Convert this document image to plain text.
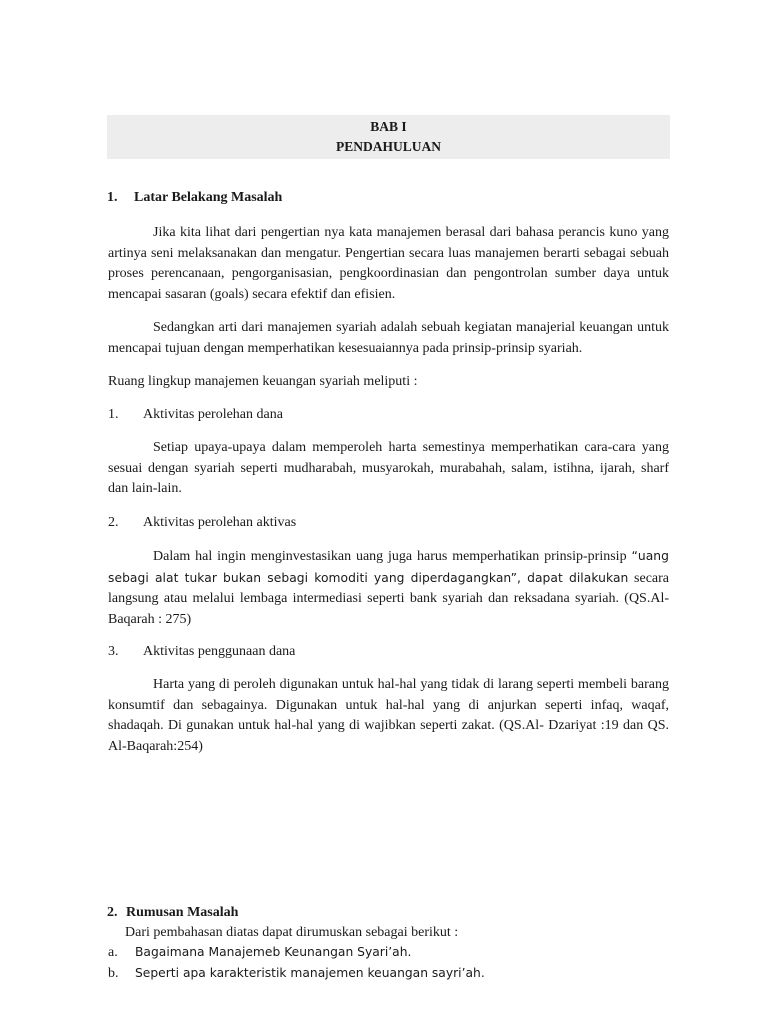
BAB I
PENDAHULUAN
1. Latar Belakang Masalah

Jika kita lihat dari pengertian nya kata manajemen berasal dari bahasa perancis kuno yang artinya seni melaksanakan dan mengatur. Pengertian secara luas manajemen berarti sebagai sebuah proses perencanaan, pengorganisasian, pengkoordinasian dan pengontrolan sumber daya untuk mencapai sasaran (goals) secara efektif dan efisien.

Sedangkan arti dari manajemen syariah adalah sebuah kegiatan manajerial keuangan untuk mencapai tujuan dengan memperhatikan kesesuaiannya pada prinsip-prinsip syariah.

Ruang lingkup manajemen keuangan syariah meliputi :

1. Aktivitas perolehan dana

Setiap upaya-upaya dalam memperoleh harta semestinya memperhatikan cara-cara yang sesuai dengan syariah seperti mudharabah, musyarokah, murabahah, salam, istihna, ijarah, sharf dan lain-lain.

2. Aktivitas perolehan aktivas
Dalam hal ingin menginvestasikan uang juga harus memperhatikan prinsip-prinsip “uang sebagi alat tukar bukan sebagi komoditi yang diperdagangkan”, dapat dilakukan secara langsung atau melalui lembaga intermediasi seperti bank syariah dan reksadana syariah. (QS.Al-Baqarah : 275)
3. Aktivitas penggunaan dana

Harta yang di peroleh digunakan untuk hal-hal yang tidak di larang seperti membeli barang konsumtif dan sebagainya. Digunakan untuk hal-hal yang di anjurkan seperti infaq, waqaf, shadaqah. Di gunakan untuk hal-hal yang di wajibkan seperti zakat. (QS.Al- Dzariyat :19 dan QS. Al-Baqarah:254)

2. Rumusan Masalah
Dari pembahasan diatas dapat dirumuskan sebagai berikut :
a. Bagaimana Manajemeb Keunangan Syari’ah.
b. Seperti apa karakteristik manajemen keuangan sayri’ah.
